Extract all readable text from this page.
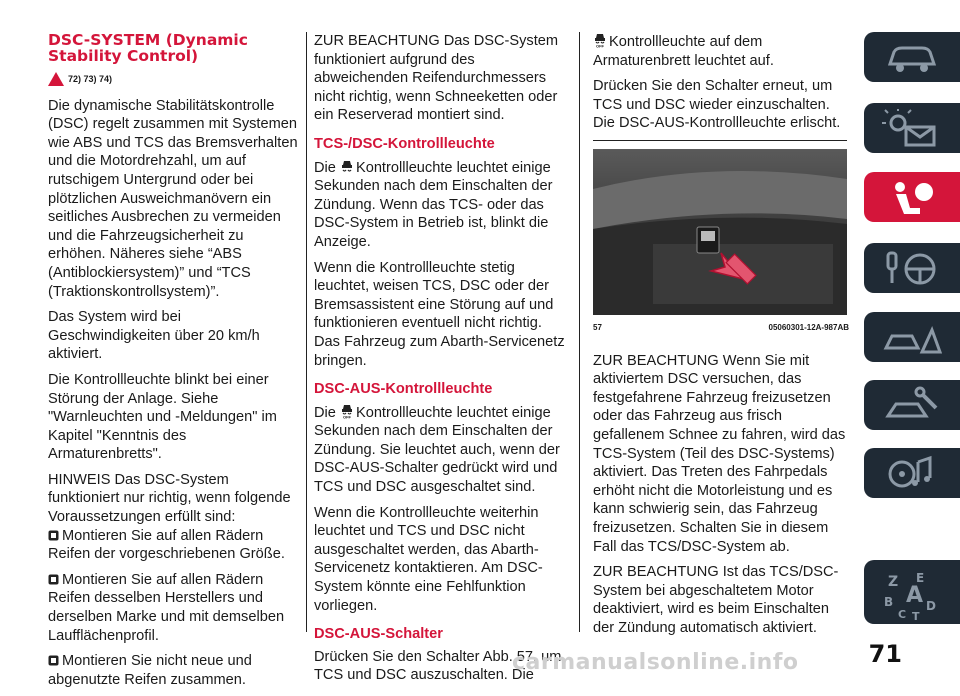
DSC-SYSTEM (Dynamic
Stability Control)
72) 73) 74)

Die dynamische Stabilitätskontrolle (DSC) regelt zusammen mit Systemen wie ABS und TCS das Bremsverhalten und die Motordrehzahl, um auf rutschigem Untergrund oder bei plötzlichen Ausweichmanövern ein seitliches Ausbrechen zu vermeiden und die Fahrzeugsicherheit zu erhöhen. Näheres siehe “ABS (Antiblockiersystem)” und “TCS (Traktionskontrollsystem)”.

Das System wird bei Geschwindigkeiten über 20 km/h aktiviert.

Die Kontrollleuchte blinkt bei einer Störung der Anlage. Siehe "Warnleuchten und -Meldungen" im Kapitel "Kenntnis des Armaturenbretts".

HINWEIS Das DSC-System funktioniert nur richtig, wenn folgende Voraussetzungen erfüllt sind:

Montieren Sie auf allen Rädern Reifen der vorgeschriebenen Größe.

Montieren Sie auf allen Rädern Reifen desselben Herstellers und derselben Marke und mit demselben Laufflächenprofil.

Montieren Sie nicht neue und abgenutzte Reifen zusammen.

ZUR BEACHTUNG Das DSC-System funktioniert aufgrund des abweichenden Reifendurchmessers nicht richtig, wenn Schneeketten oder ein Reserverad montiert sind.

TCS-/DSC-Kontrollleuchte

Die Kontrollleuchte leuchtet einige Sekunden nach dem Einschalten der Zündung. Wenn das TCS- oder das DSC-System in Betrieb ist, blinkt die Anzeige.

Wenn die Kontrollleuchte stetig leuchtet, weisen TCS, DSC oder der Bremsassistent eine Störung auf und funktionieren eventuell nicht richtig. Das Fahrzeug zum Abarth-Servicenetz bringen.

DSC-AUS-Kontrollleuchte

Die OFF Kontrollleuchte leuchtet einige Sekunden nach dem Einschalten der Zündung. Sie leuchtet auch, wenn der DSC-AUS-Schalter gedrückt wird und TCS und DSC ausgeschaltet sind.

Wenn die Kontrollleuchte weiterhin leuchtet und TCS und DSC nicht ausgeschaltet werden, das Abarth-Servicenetz kontaktieren. Am DSC-System könnte eine Fehlfunktion vorliegen.

DSC-AUS-Schalter

Drücken Sie den Schalter Abb. 57, um TCS und DSC auszuschalten. Die

OFF Kontrollleuchte auf dem Armaturenbrett leuchtet auf.

Drücken Sie den Schalter erneut, um TCS und DSC wieder einzuschalten. Die DSC-AUS-Kontrollleuchte erlischt.

57	05060301-12A-987AB

ZUR BEACHTUNG Wenn Sie mit aktiviertem DSC versuchen, das festgefahrene Fahrzeug freizusetzen oder das Fahrzeug aus frisch gefallenem Schnee zu fahren, wird das TCS-System (Teil des DSC-Systems) aktiviert. Das Treten des Fahrpedals erhöht nicht die Motorleistung und es kann schwierig sein, das Fahrzeug freizusetzen. Schalten Sie in diesem Fall das TCS/DSC-System ab.

ZUR BEACHTUNG Ist das TCS/DSC-System bei abgeschaltetem Motor deaktiviert, wird es beim Einschalten der Zündung automatisch aktiviert.

Z E
B A D
C T
71
carmanualsonline.info
